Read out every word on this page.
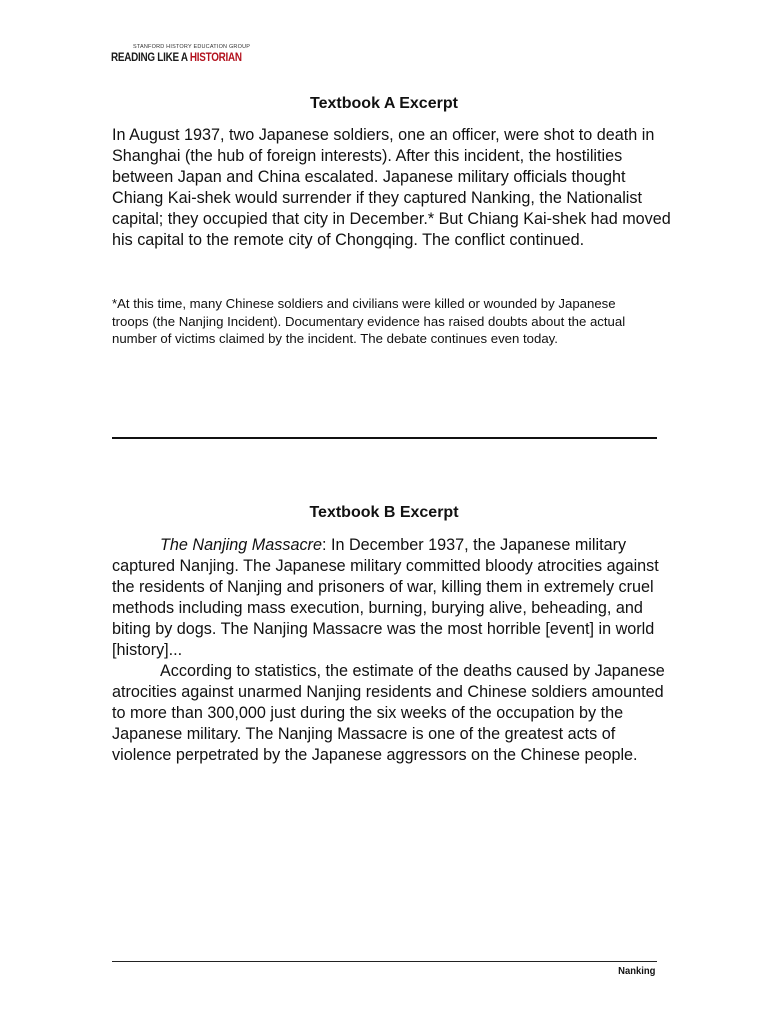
STANFORD HISTORY EDUCATION GROUP
READING LIKE A HISTORIAN
Textbook A Excerpt

In August 1937, two Japanese soldiers, one an officer, were shot to death in Shanghai (the hub of foreign interests). After this incident, the hostilities between Japan and China escalated. Japanese military officials thought Chiang Kai-shek would surrender if they captured Nanking, the Nationalist capital; they occupied that city in December.* But Chiang Kai-shek had moved his capital to the remote city of Chongqing. The conflict continued.

*At this time, many Chinese soldiers and civilians were killed or wounded by Japanese troops (the Nanjing Incident). Documentary evidence has raised doubts about the actual number of victims claimed by the incident. The debate continues even today.

Textbook B Excerpt

The Nanjing Massacre: In December 1937, the Japanese military captured Nanjing. The Japanese military committed bloody atrocities against the residents of Nanjing and prisoners of war, killing them in extremely cruel methods including mass execution, burning, burying alive, beheading, and biting by dogs. The Nanjing Massacre was the most horrible [event] in world [history]...

According to statistics, the estimate of the deaths caused by Japanese atrocities against unarmed Nanjing residents and Chinese soldiers amounted to more than 300,000 just during the six weeks of the occupation by the Japanese military. The Nanjing Massacre is one of the greatest acts of violence perpetrated by the Japanese aggressors on the Chinese people.

Nanking
